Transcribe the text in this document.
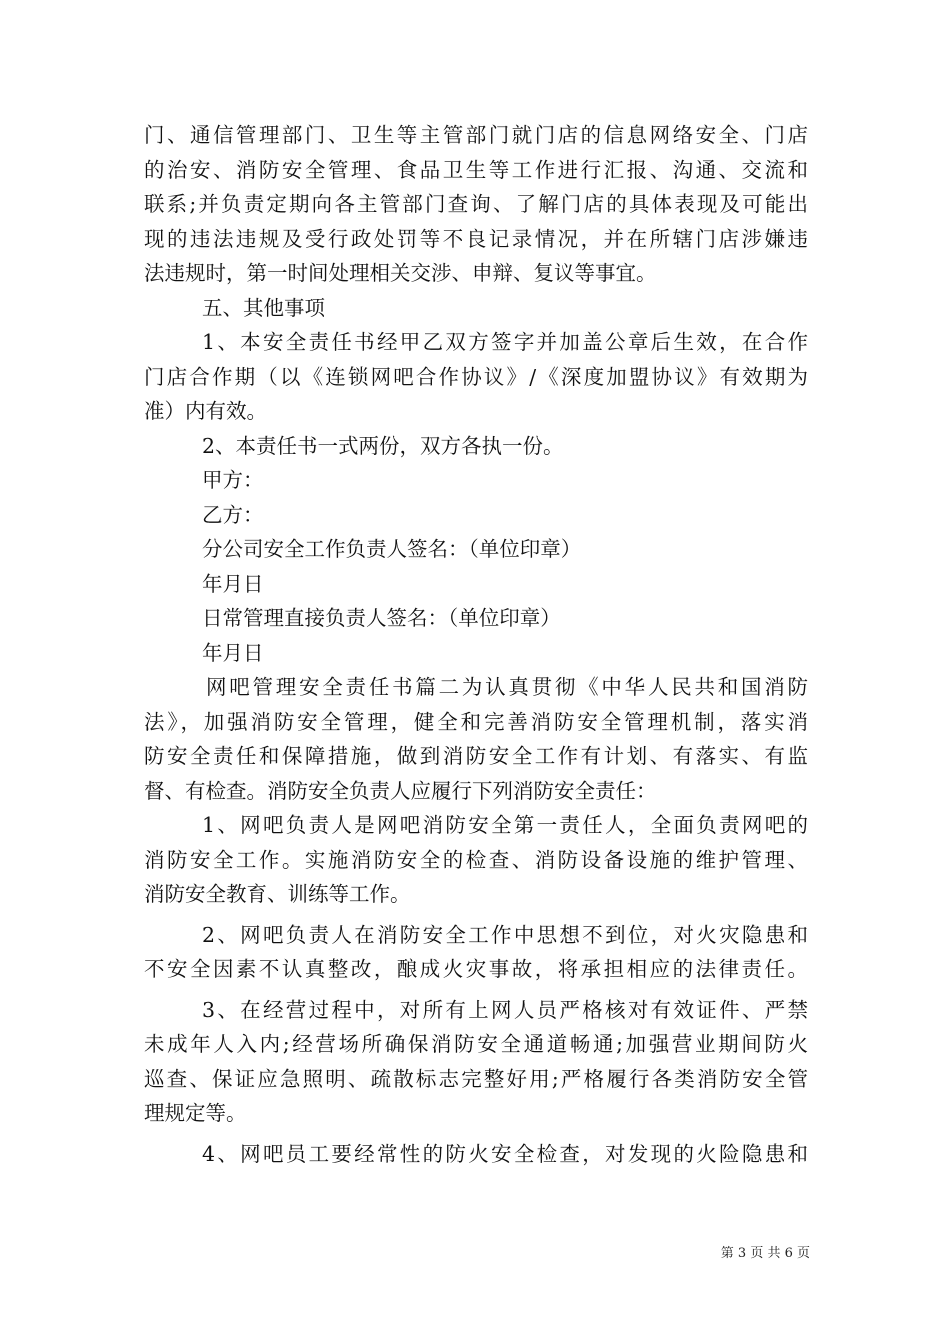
门、通信管理部门、卫生等主管部门就门店的信息网络安全、门店
的治安、消防安全管理、食品卫生等工作进行汇报、沟通、交流和
联系;并负责定期向各主管部门查询、了解门店的具体表现及可能出
现的违法违规及受行政处罚等不良记录情况，并在所辖门店涉嫌违
法违规时，第一时间处理相关交涉、申辩、复议等事宜。
五、其他事项
1、本安全责任书经甲乙双方签字并加盖公章后生效，在合作
门店合作期（以《连锁网吧合作协议》/《深度加盟协议》有效期为
准）内有效。
2、本责任书一式两份，双方各执一份。
甲方：
乙方：
分公司安全工作负责人签名：（单位印章）
年月日
日常管理直接负责人签名：（单位印章）
年月日
网吧管理安全责任书篇二为认真贯彻《中华人民共和国消防
法》，加强消防安全管理，健全和完善消防安全管理机制，落实消
防安全责任和保障措施，做到消防安全工作有计划、有落实、有监
督、有检查。消防安全负责人应履行下列消防安全责任：
1、网吧负责人是网吧消防安全第一责任人，全面负责网吧的
消防安全工作。实施消防安全的检查、消防设备设施的维护管理、
消防安全教育、训练等工作。
2、网吧负责人在消防安全工作中思想不到位，对火灾隐患和
不安全因素不认真整改，酿成火灾事故，将承担相应的法律责任。
3、在经营过程中，对所有上网人员严格核对有效证件、严禁
未成年人入内;经营场所确保消防安全通道畅通;加强营业期间防火
巡查、保证应急照明、疏散标志完整好用;严格履行各类消防安全管
理规定等。
4、网吧员工要经常性的防火安全检查，对发现的火险隐患和
第 3 页 共 6 页
